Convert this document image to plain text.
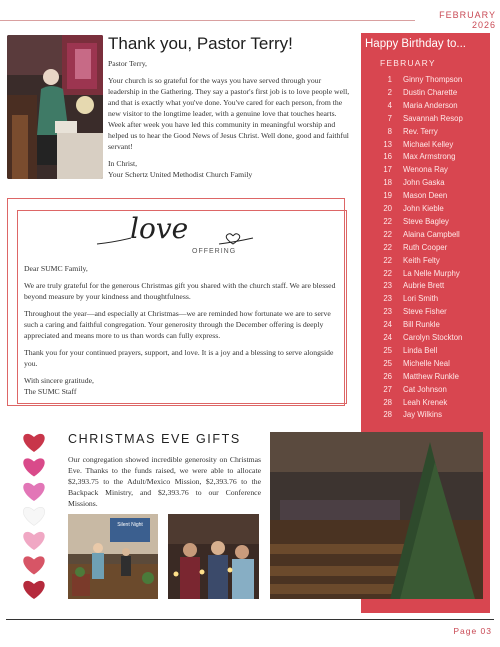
FEBRUARY 2026
Thank you, Pastor Terry!

Pastor Terry,

Your church is so grateful for the ways you have served through your leadership in the Gathering. They say a pastor's first job is to love people well, and that is exactly what you've done. You've cared for each person, from the new visitor to the longtime leader, with a genuine love that touches hearts. Week after week you have led this community in meaningful worship and helped us to hear the Good News of Jesus Christ. Well done, good and faithful servant!

In Christ,
Your Schertz United Methodist Church Family
Happy Birthday to...
FEBRUARY
1 Ginny Thompson
2 Dustin Charette
4 Maria Anderson
7 Savannah Resop
8 Rev. Terry
13 Michael Kelley
16 Max Armstrong
17 Wenona Ray
18 John Gaska
19 Mason Deen
20 John Kieble
22 Steve Bagley
22 Alaina Campbell
22 Ruth Cooper
22 Keith Felty
22 La Nelle Murphy
23 Aubrie Brett
23 Lori Smith
23 Steve Fisher
24 Bill Runkle
24 Carolyn Stockton
25 Linda Bell
25 Michelle Neal
26 Matthew Runkle
27 Cat Johnson
28 Leah Krenek
28 Jay Wilkins
love
OFFERING

Dear SUMC Family,

We are truly grateful for the generous Christmas gift you shared with the church staff. We are blessed beyond measure by your kindness and thoughtfulness.

Throughout the year—and especially at Christmas—we are reminded how fortunate we are to serve such a caring and faithful congregation. Your generosity through the December offering is deeply appreciated and means more to us than words can fully express.

Thank you for your continued prayers, support, and love. It is a joy and a blessing to serve alongside you.

With sincere gratitude,
The SUMC Staff
CHRISTMAS EVE GIFTS
Our congregation showed incredible generosity on Christmas Eve. Thanks to the funds raised, we were able to allocate $2,393.75 to the Adult/Mexico Mission, $2,393.76 to the Backpack Ministry, and $2,393.76 to our Conference Missions.
Silent Night
Page 03
